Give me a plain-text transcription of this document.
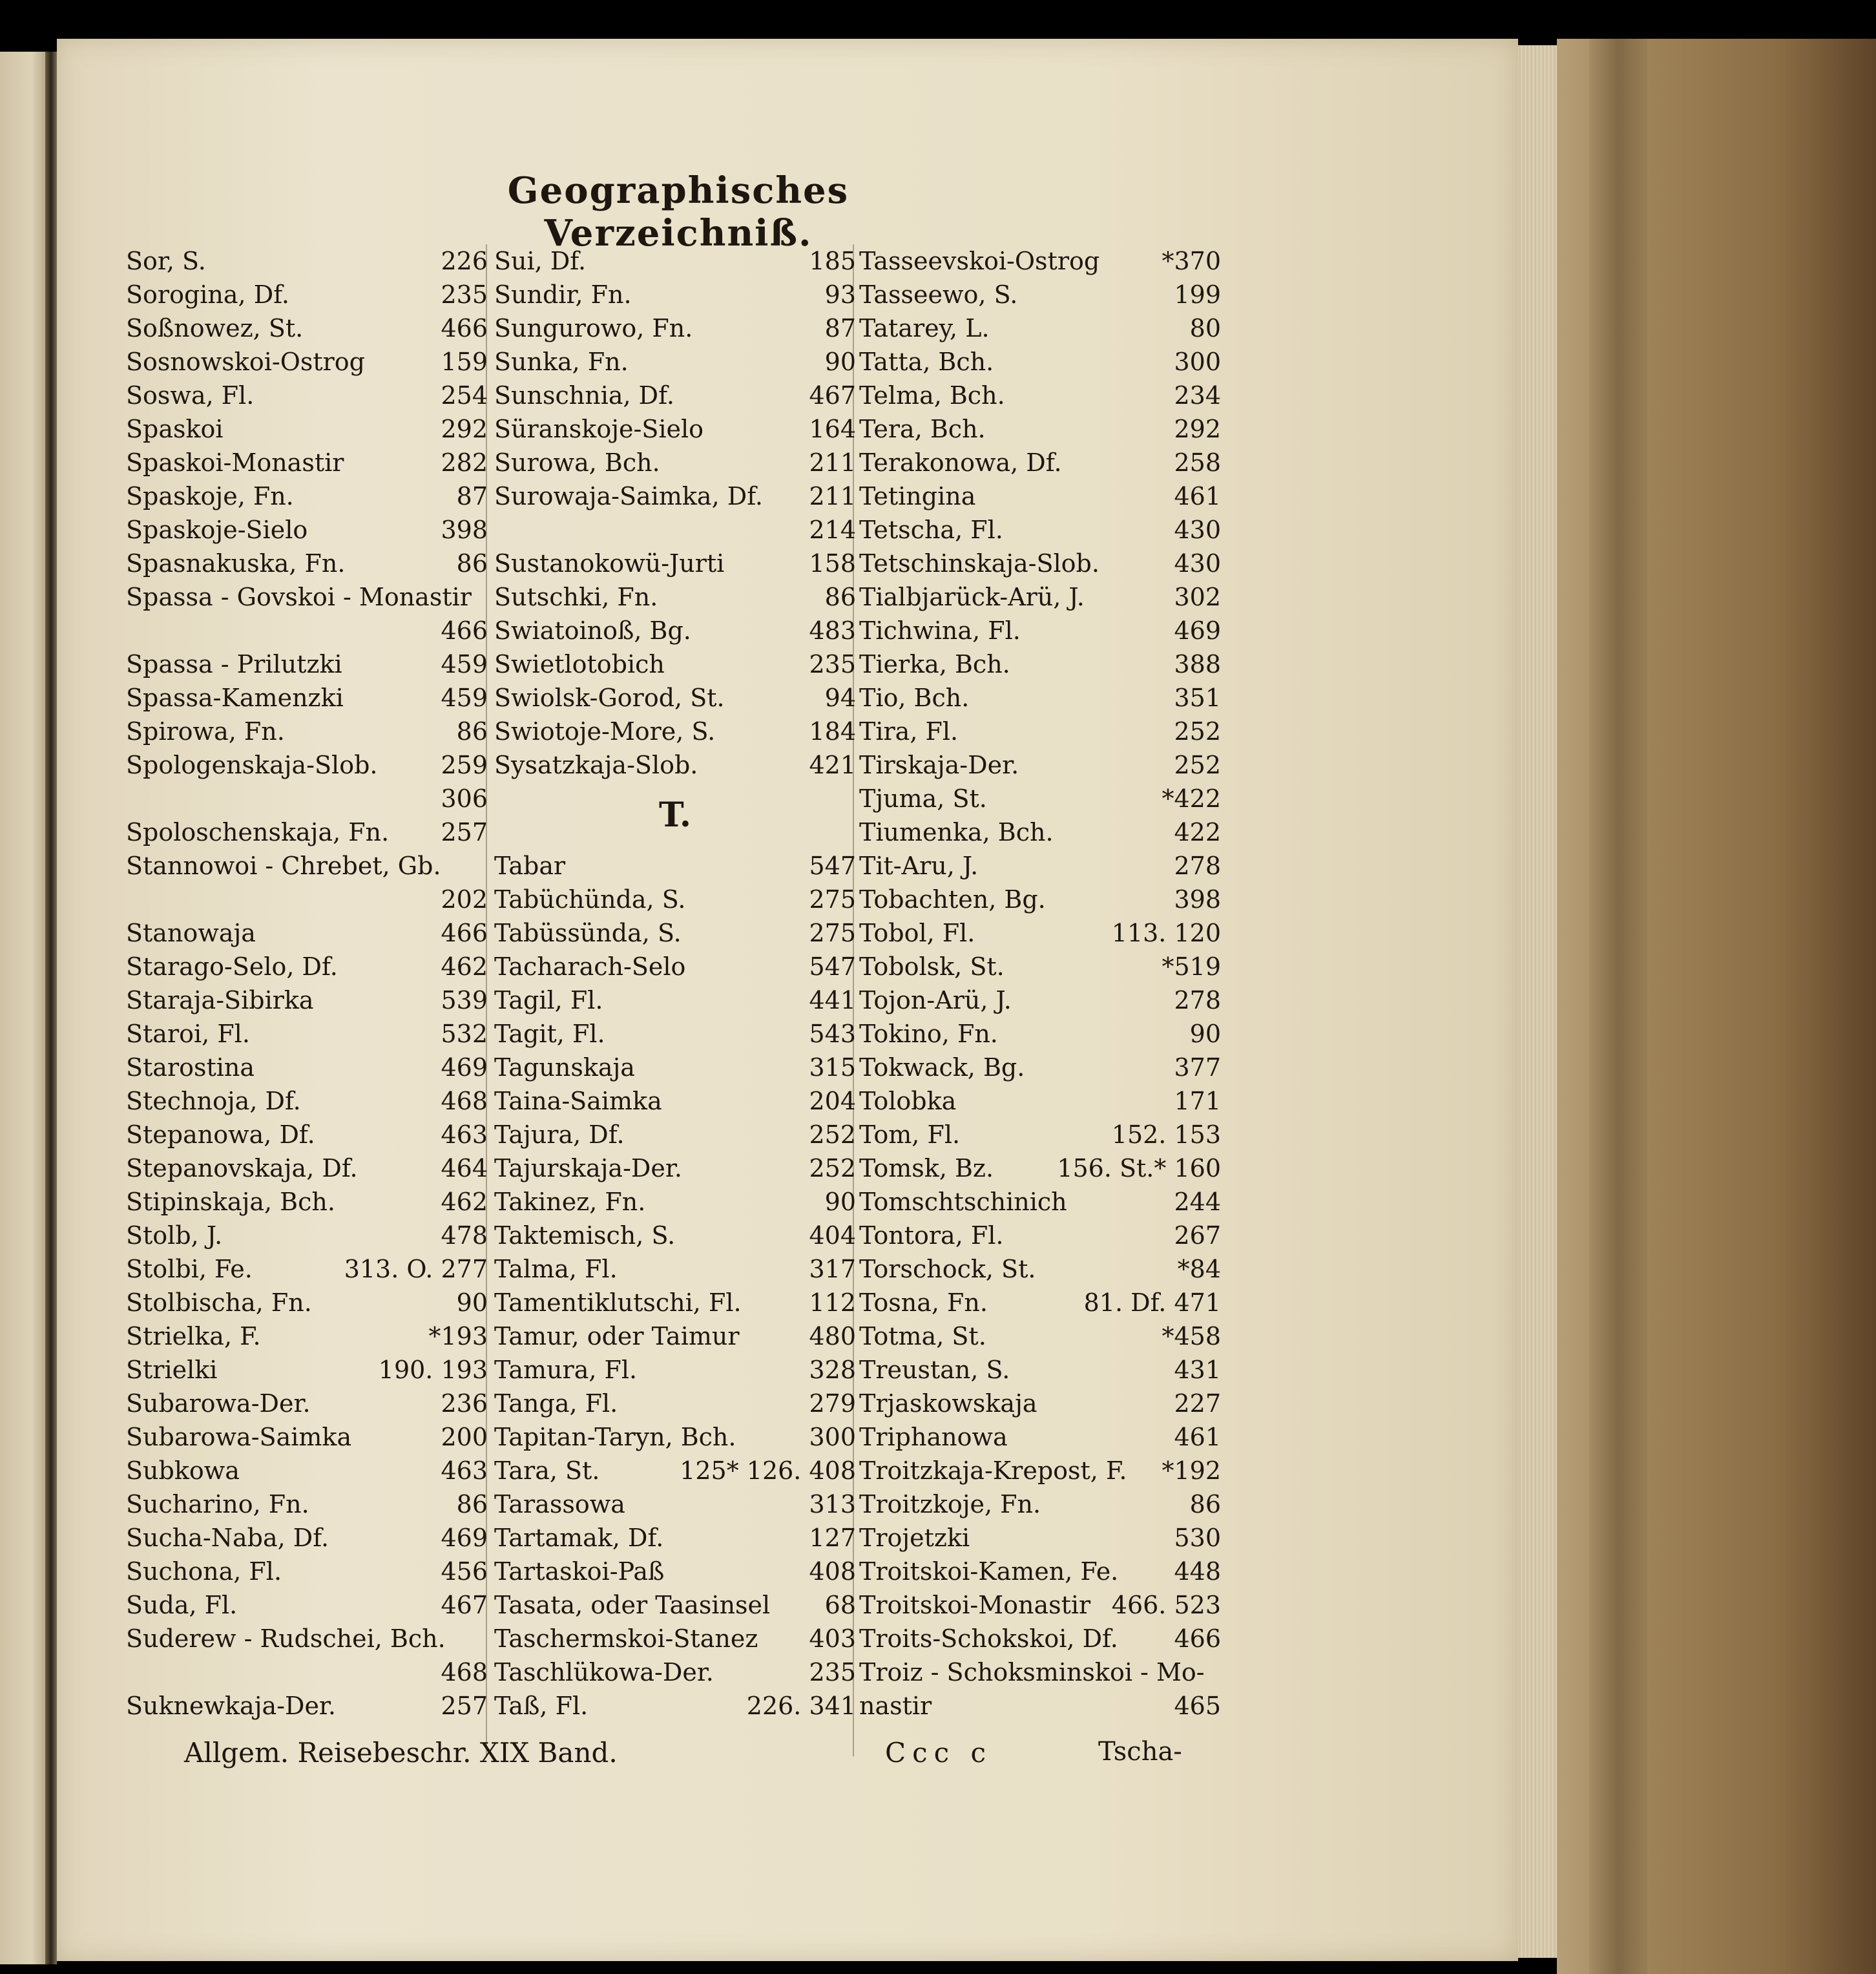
Geographisches Verzeichniß.
Sor, S.	226
Sorogina, Df.	235
Soßnowez, St.	466
Sosnowskoi-Ostrog	159
Soswa, Fl.	254
Spaskoi	292
Spaskoi-Monastir	282
Spaskoje, Fn.	87
Spaskoje-Sielo	398
Spasnakuska, Fn.	86
Spassa - Govskoi - Monastir
466
Spassa - Prilutzki	459
Spassa-Kamenzki	459
Spirowa, Fn.	86
Spologenskaja-Slob.	259
306
Spoloschenskaja, Fn. 257
Stannowoi - Chrebet, Gb.
202
Stanowaja	466
Starago-Selo, Df.	462
Staraja-Sibirka	539
Staroi, Fl.	532
Starostina	469
Stechnoja, Df.	468
Stepanowa, Df.	463
Stepanovskaja, Df.	464
Stipinskaja, Bch.	462
Stolb, J.	478
Stolbi, Fe.	313. O. 277
Stolbischa, Fn.	90
Strielka, F.	*193
Strielki	190. 193
Subarowa-Der.	236
Subarowa-Saimka	200
Subkowa	463
Sucharino, Fn.	86
Sucha-Naba, Df.	469
Suchona, Fl.	456
Suda, Fl.	467
Suderew - Rudschei, Bch.
468
Suknewkaja-Der.	257
Sui, Df.	185
Sundir, Fn.	93
Sungurowo, Fn.	87
Sunka, Fn.	90
Sunschnia, Df.	467
Süranskoje-Sielo	164
Surowa, Bch.	211
Surowaja-Saimka, Df. 211
214
Sustanokowü-Jurti	158
Sutschki, Fn.	86
Swiatoinoß, Bg.	483
Swietlotobich	235
Swiolsk-Gorod, St.	94
Swiotoje-More, S.	184
Sysatzkaja-Slob.	421
T.
Tabar	547
Tabüchünda, S.	275
Tabüssünda, S.	275
Tacharach-Selo	547
Tagil, Fl.	441
Tagit, Fl.	543
Tagunskaja	315
Taina-Saimka	204
Tajura, Df.	252
Tajurskaja-Der.	252
Takinez, Fn.	90
Taktemisch, S.	404
Talma, Fl.	317
Tamentiklutschi, Fl.	112
Tamur, oder Taimur	480
Tamura, Fl.	328
Tanga, Fl.	279
Tapitan-Taryn, Bch.	300
Tara, St.	125* 126. 408
Tarassowa	313
Tartamak, Df.	127
Tartaskoi-Paß	408
Tasata, oder Taasinsel 68
Taschermskoi-Stanez 403
Taschlükowa-Der.	235
Taß, Fl.	226. 341
Tasseevskoi-Ostrog	*370
Tasseewo, S.	199
Tatarey, L.	80
Tatta, Bch.	300
Telma, Bch.	234
Tera, Bch.	292
Terakonowa, Df.	258
Tetingina	461
Tetscha, Fl.	430
Tetschinskaja-Slob.	430
Tialbjarück-Arü, J.	302
Tichwina, Fl.	469
Tierka, Bch.	388
Tio, Bch.	351
Tira, Fl.	252
Tirskaja-Der.	252
Tjuma, St.	*422
Tiumenka, Bch.	422
Tit-Aru, J.	278
Tobachten, Bg.	398
Tobol, Fl.	113. 120
Tobolsk, St.	*519
Tojon-Arü, J.	278
Tokino, Fn.	90
Tokwack, Bg.	377
Tolobka	171
Tom, Fl.	152. 153
Tomsk, Bz.	156. St.* 160
Tomschtschinich	244
Tontora, Fl.	267
Torschock, St.	*84
Tosna, Fn.	81. Df. 471
Totma, St.	*458
Treustan, S.	431
Trjaskowskaja	227
Triphanowa	461
Troitzkaja-Krepost, F. *192
Troitzkoje, Fn.	86
Trojetzki	530
Troitskoi-Kamen, Fe. 448
Troitskoi-Monastir 466. 523
Troits-Schokskoi, Df. 466
Troiz - Schoksminskoi - Mo-
nastir	465
Allgem. Reisebeschr. XIX Band.	Ccc c	Tscha-
